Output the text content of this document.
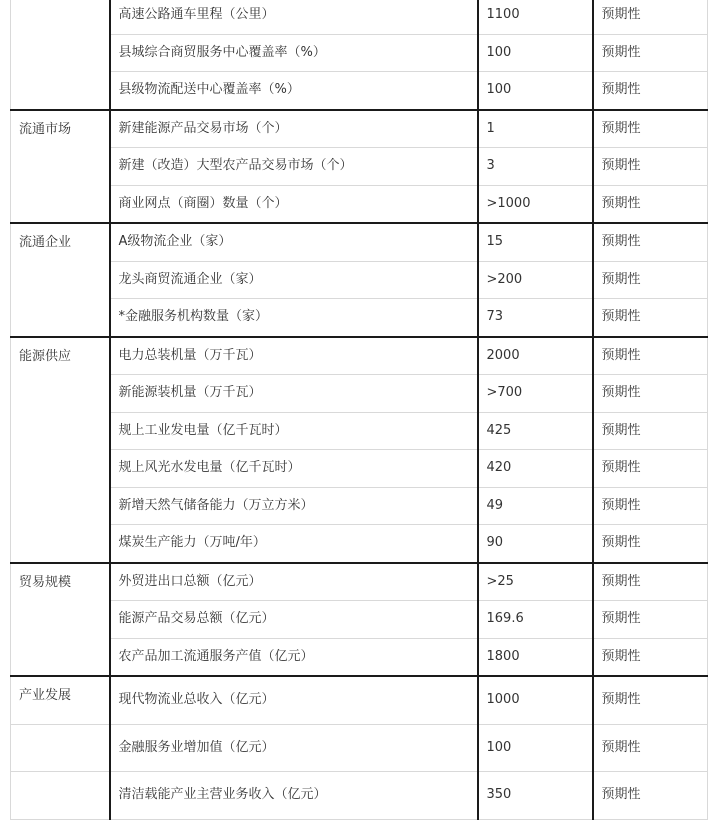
	高速公路通车里程（公里）	1100	预期性
	县城综合商贸服务中心覆盖率（%）	100	预期性
	县级物流配送中心覆盖率（%）	100	预期性
流通市场	新建能源产品交易市场（个）	1	预期性
	新建（改造）大型农产品交易市场（个）	3	预期性
	商业网点（商圈）数量（个）	>1000	预期性
流通企业	A级物流企业（家）	15	预期性
	龙头商贸流通企业（家）	>200	预期性
	*金融服务机构数量（家）	73	预期性
能源供应	电力总装机量（万千瓦）	2000	预期性
	新能源装机量（万千瓦）	>700	预期性
	规上工业发电量（亿千瓦时）	425	预期性
	规上风光水发电量（亿千瓦时）	420	预期性
	新增天然气储备能力（万立方米）	49	预期性
	煤炭生产能力（万吨/年）	90	预期性
贸易规模	外贸进出口总额（亿元）	>25	预期性
	能源产品交易总额（亿元）	169.6	预期性
	农产品加工流通服务产值（亿元）	1800	预期性
产业发展	现代物流业总收入（亿元）	1000	预期性
	金融服务业增加值（亿元）	100	预期性
	清洁载能产业主营业务收入（亿元）	350	预期性
